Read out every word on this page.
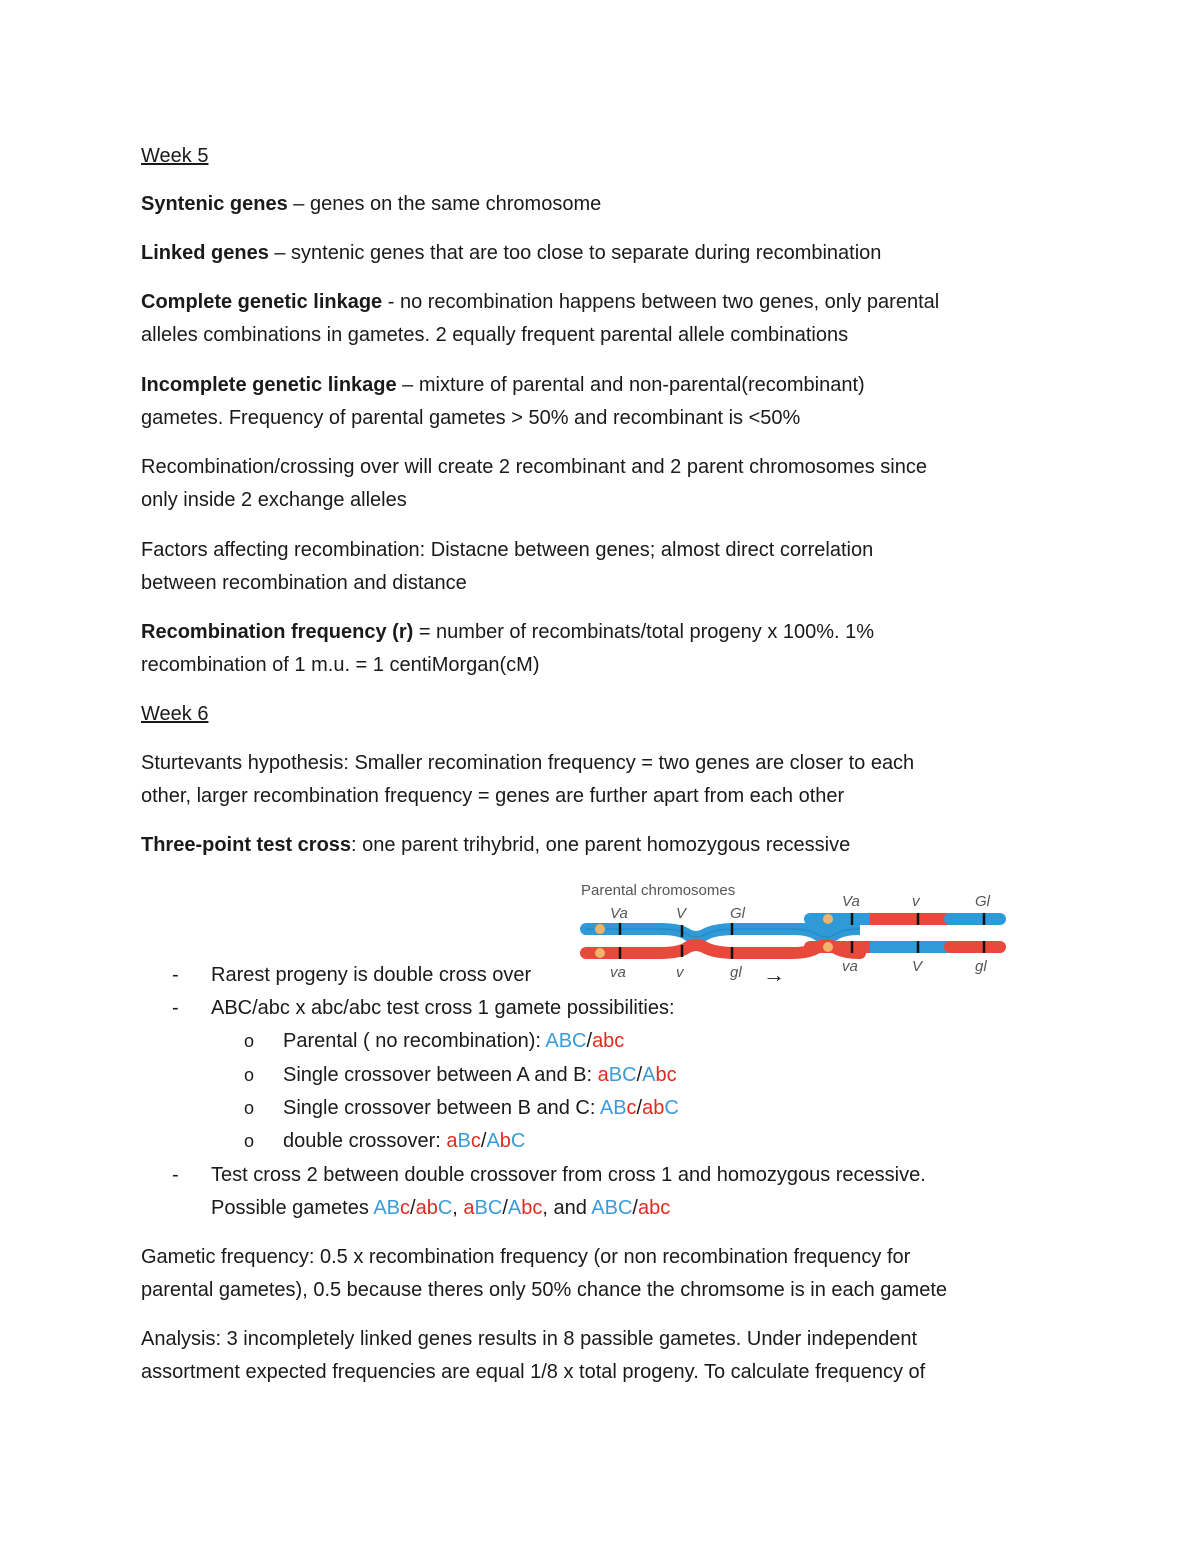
Week 5

Syntenic genes – genes on the same chromosome

Linked genes – syntenic genes that are too close to separate during recombination

Complete genetic linkage - no recombination happens between two genes, only parental
alleles combinations in gametes. 2 equally frequent parental allele combinations

Incomplete genetic linkage – mixture of parental and non-parental(recombinant)
gametes. Frequency of parental gametes > 50% and recombinant is <50%

Recombination/crossing over will create 2 recombinant and 2 parent chromosomes since
only inside 2 exchange alleles

Factors affecting recombination: Distacne between genes; almost direct correlation
between recombination and distance

Recombination frequency (r) = number of recombinats/total progeny x 100%. 1%
recombination of 1 m.u. = 1 centiMorgan(cM)

Week 6

Sturtevants hypothesis: Smaller recomination frequency = two genes are closer to each
other, larger recombination frequency = genes are further apart from each other

Three-point test cross: one parent trihybrid, one parent homozygous recessive

Parental chromosomes
Va	V	Gl
va	v	gl
Va	v	Gl
va	V	gl
- Rarest progeny is double cross over	→
- ABC/abc x abc/abc test cross 1 gamete possibilities:
o Parental ( no recombination): ABC/abc
o Single crossover between A and B: aBC/Abc
o Single crossover between B and C: ABc/abC
o double crossover: aBc/AbC
- Test cross 2 between double crossover from cross 1 and homozygous recessive.
Possible gametes ABc/abC, aBC/Abc, and ABC/abc

Gametic frequency: 0.5 x recombination frequency (or non recombination frequency for
parental gametes), 0.5 because theres only 50% chance the chromsome is in each gamete

Analysis: 3 incompletely linked genes results in 8 passible gametes. Under independent
assortment expected frequencies are equal 1/8 x total progeny. To calculate frequency of
